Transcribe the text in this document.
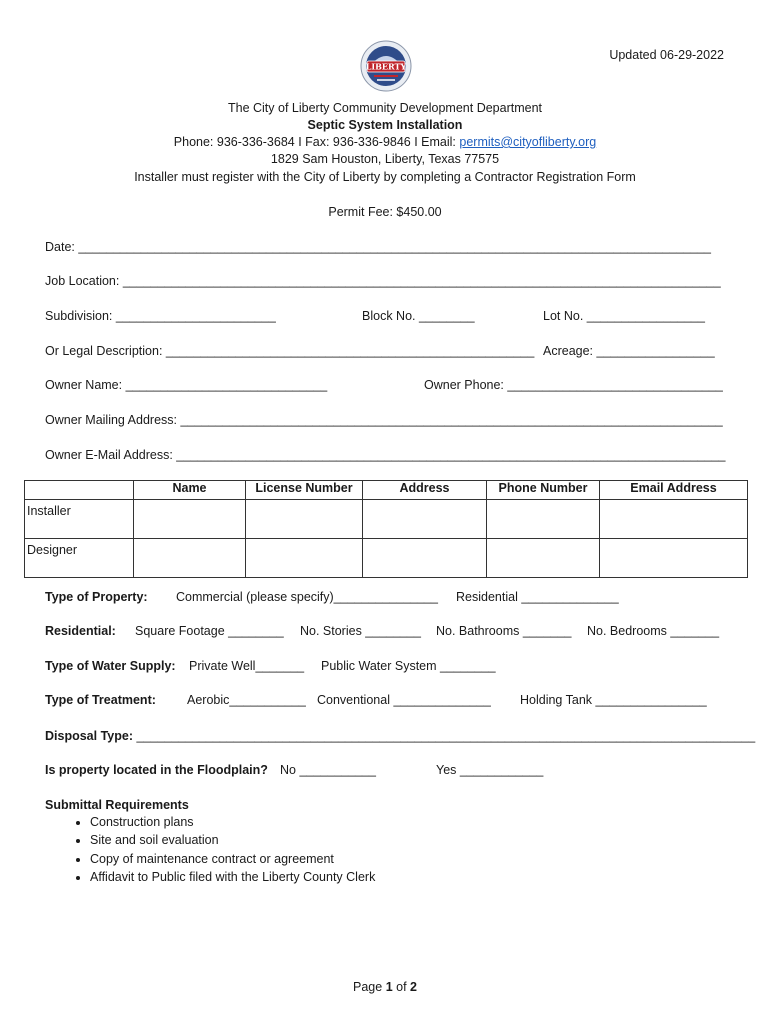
LIBERTY
Updated 06-29-2022
The City of Liberty Community Development Department
Septic System Installation
Phone: 936-336-3684 I Fax: 936-336-9846 I Email: permits@cityofliberty.org
1829 Sam Houston, Liberty, Texas 77575
Installer must register with the City of Liberty by completing a Contractor Registration Form
Permit Fee: $450.00
Date: ___________________________________________________________________________________________
Job Location: ______________________________________________________________________________________
Subdivision: _______________________	Block No. ________	Lot No. _________________
Or Legal Description: _____________________________________________________ Acreage: _________________
Owner Name: _____________________________	Owner Phone: _______________________________
Owner Mailing Address: ______________________________________________________________________________
Owner E-Mail Address: _______________________________________________________________________________
	Name	License Number	Address	Phone Number	Email Address
Installer					
Designer					
Type of Property: Commercial (please specify)_______________ Residential ______________
Residential: Square Footage ________ No. Stories ________ No. Bathrooms _______ No. Bedrooms _______
Type of Water Supply: Private Well_______ Public Water System ________
Type of Treatment: Aerobic___________ Conventional ______________ Holding Tank ________________
Disposal Type: _________________________________________________________________________________________
Is property located in the Floodplain? No ___________	Yes ____________
Submittal Requirements
• Construction plans
• Site and soil evaluation
• Copy of maintenance contract or agreement
• Affidavit to Public filed with the Liberty County Clerk
Page 1 of 2
